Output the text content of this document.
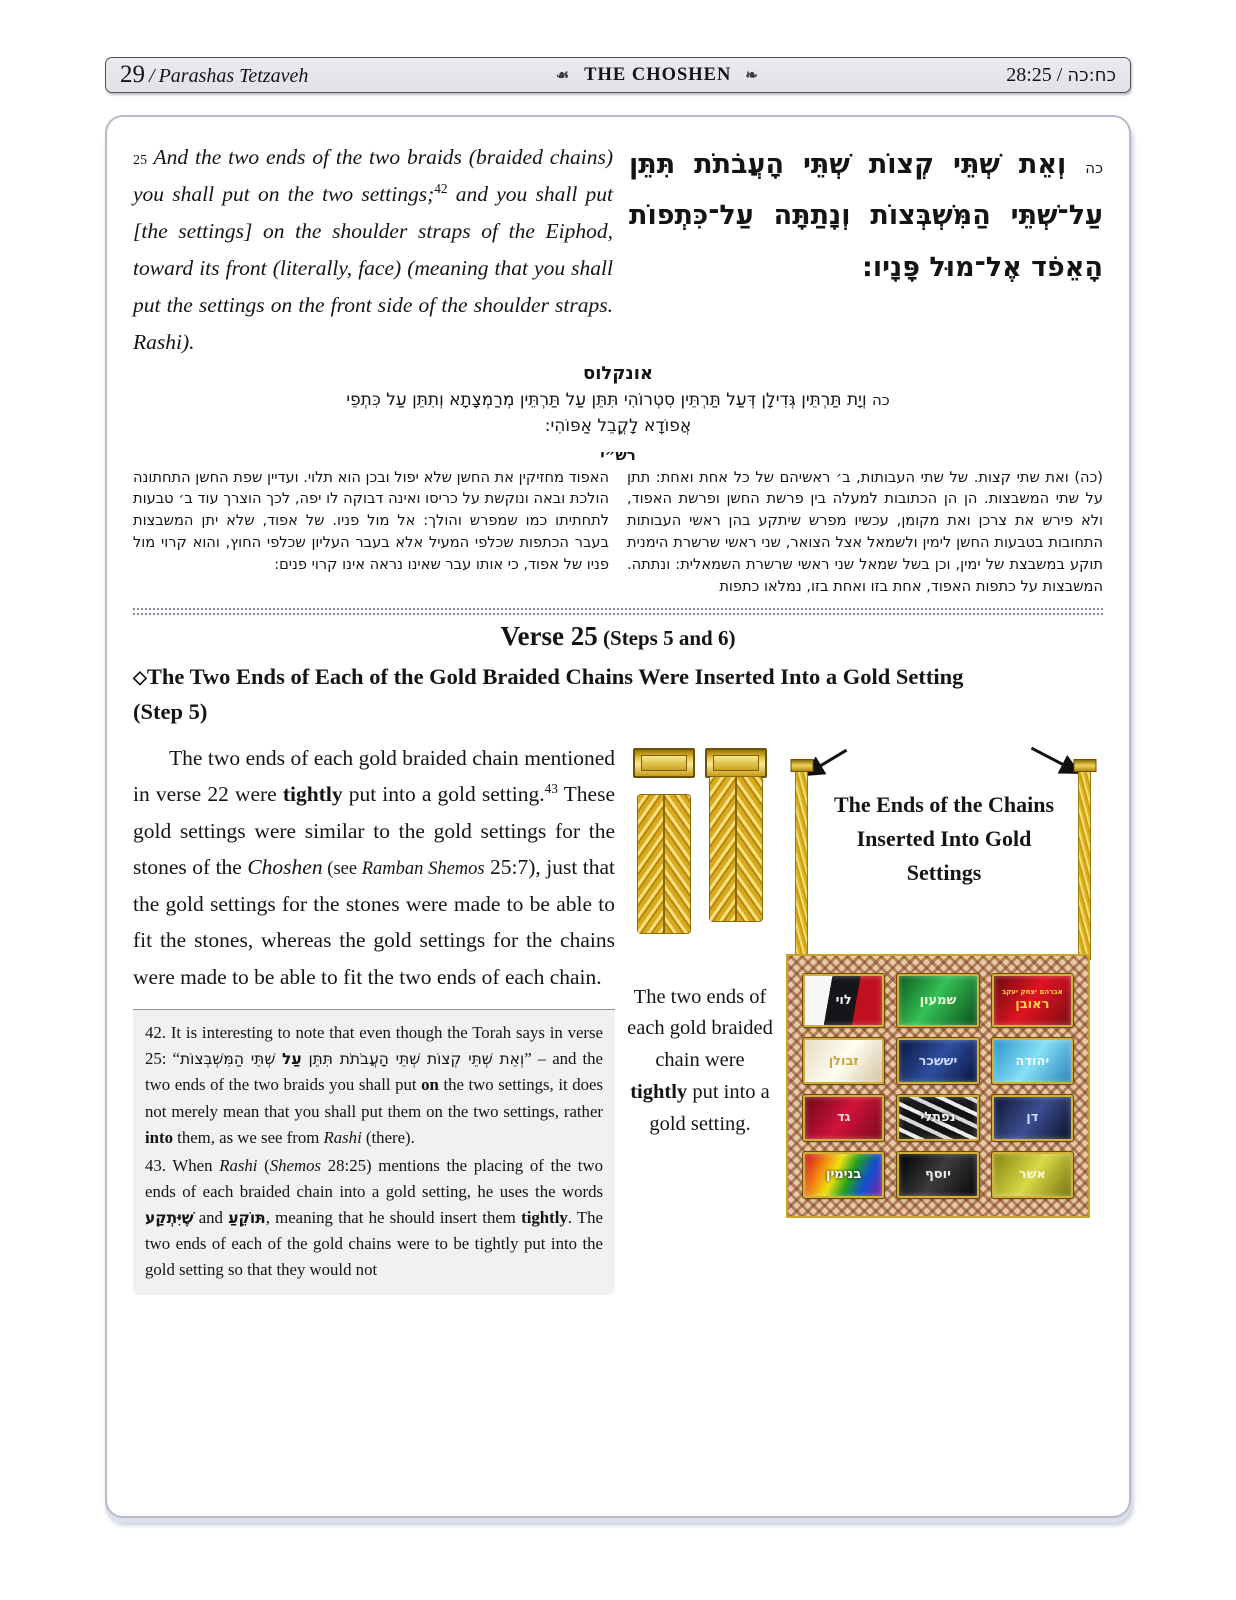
29 / Parashas Tetzaveh	☙ THE CHOSHEN ❧	28:25 / כח:כה
25 And the two ends of the two braids (braided chains) you shall put on the two settings;$^{42}$ and you shall put [the settings] on the shoulder straps of the Eiphod, toward its front (literally, face) (meaning that you shall put the settings on the front side of the shoulder straps. Rashi).
כה וְאֵת שְׁתֵּי קְצוֹת שְׁתֵּי הָעֲבֹתֹת תִּתֵּן עַל־שְׁתֵּי הַמִּשְׁבְּצוֹת וְנָתַתָּה עַל־כִּתְפוֹת הָאֵפֹד אֶל־מוּל פָּנָיו:
אונקלוס
כה וְיָת תַּרְתֵּין גְּדִילָן דְּעַל תַּרְתֵּין סִטְרוֹהִי תִּתֵּן עַל תַּרְתֵּין מְרַמְצָתָא וְתִתֵּן עַל כִּתְפֵי אֲפוֹדָא לָקֳבֵל אַפּוֹהִי:
רש״י
(כה) ואת שתי קצות. של שתי העבותות, ב׳ ראשיהם של כל אחת ואחת: תתן על שתי המשבצות. הן הן הכתובות למעלה בין פרשת החשן ופרשת האפוד, ולא פירש את צרכן ואת מקומן, עכשיו מפרש שיתקע בהן ראשי העבותות התחובות בטבעות החשן לימין ולשמאל אצל הצואר, שני ראשי שרשרת הימנית תוקע במשבצת של ימין, וכן בשל שמאל שני ראשי שרשרת השמאלית: ונתתה. המשבצות על כתפות האפוד, אחת בזו ואחת בזו, נמלאו כתפות
האפוד מחזיקין את החשן שלא יפול ובכן הוא תלוי. ועדיין שפת החשן התחתונה הולכת ובאה ונוקשת על כריסו ואינה דבוקה לו יפה, לכך הוצרך עוד ב׳ טבעות לתחתיתו כמו שמפרש והולך: אל מול פניו. של אפוד, שלא יתן המשבצות בעבר הכתפות שכלפי המעיל אלא בעבר העליון שכלפי החוץ, והוא קרוי מול פניו של אפוד, כי אותו עבר שאינו נראה אינו קרוי פנים:
Verse 25 (Steps 5 and 6)
◇The Two Ends of Each of the Gold Braided Chains Were Inserted Into a Gold Setting
(Step 5)

The two ends of each gold braided chain mentioned in verse 22 were tightly put into a gold setting.$^{43}$ These gold settings were similar to the gold settings for the stones of the Choshen (see Ramban Shemos 25:7), just that the gold settings for the stones were made to be able to fit the stones, whereas the gold settings for the chains were made to be able to fit the two ends of each chain.

42. It is interesting to note that even though the Torah says in verse 25: “	וְאֵת שְׁתֵּי קְצוֹת שְׁתֵּי הָעֲבֹתֹת תִּתֵּן עַל שְׁתֵּי הַמִּשְׁבְּצוֹת	” – and the two ends of the two braids you shall put on the two settings, it does not merely mean that you shall put them on the two settings, rather into them, as we see from Rashi (there).

43. When Rashi (Shemos 28:25) mentions the placing of the two ends of each braided chain into a gold setting, he uses the words שֶׁיִּתְקַע and תּוֹקֵעַ, meaning that he should insert them tightly. The two ends of each of the gold chains were to be tightly put into the gold setting so that they would not

The two ends of each gold braided chain were tightly put into a gold setting.

The Ends of the Chains Inserted Into Gold Settings
לוי	שמעון
אברהם יצחק יעקב
ראובן
זבולן	יששכר	יהודה
גד	נפתלי	דן
בנימין	יוסף	אשר
